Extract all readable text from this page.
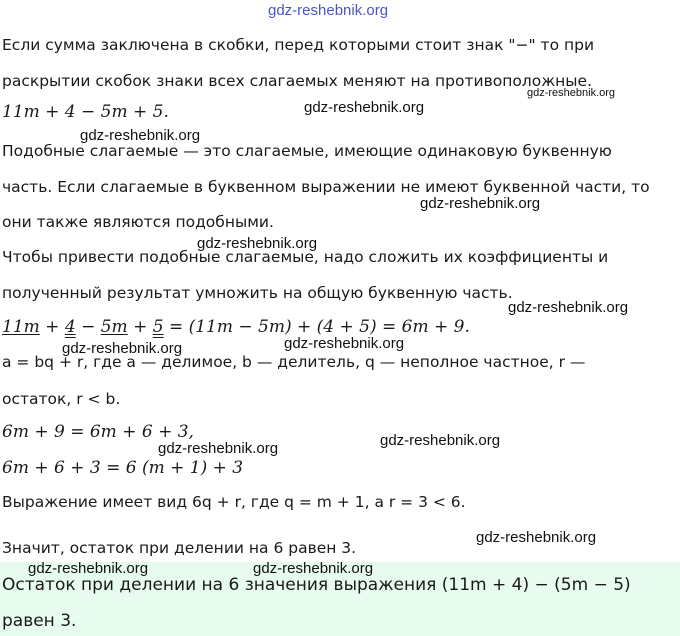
gdz-reshebnik.org
Если сумма заключена в скобки, перед которыми стоит знак "−" то при
раскрытии скобок знаки всех слагаемых меняют на противоположные.
gdz-reshebnik.org
11m + 4 − 5m + 5.	gdz-reshebnik.org
gdz-reshebnik.org
Подобные слагаемые — это слагаемые, имеющие одинаковую буквенную
часть. Если слагаемые в буквенном выражении не имеют буквенной части, то
gdz-reshebnik.org
они также являются подобными.
gdz-reshebnik.org
Чтобы привести подобные слагаемые, надо сложить их коэффициенты и
полученный результат умножить на общую буквенную часть.
gdz-reshebnik.org
11m + 4 − 5m + 5 = (11m − 5m) + (4 + 5) = 6m + 9.
gdz-reshebnik.org	gdz-reshebnik.org
a = bq + r, где a — делимое, b — делитель, q — неполное частное, r —
остаток, r < b.
6m + 9 = 6m + 6 + 3,
gdz-reshebnik.org	gdz-reshebnik.org
6m + 6 + 3 = 6 (m + 1) + 3
Выражение имеет вид 6q + r, где q = m + 1, а r = 3 < 6.
gdz-reshebnik.org
Значит, остаток при делении на 6 равен 3.
Остаток при делении на 6 значения выражения (11m + 4) − (5m − 5)
равен 3.
gdz-reshebnik.org	gdz-reshebnik.org
